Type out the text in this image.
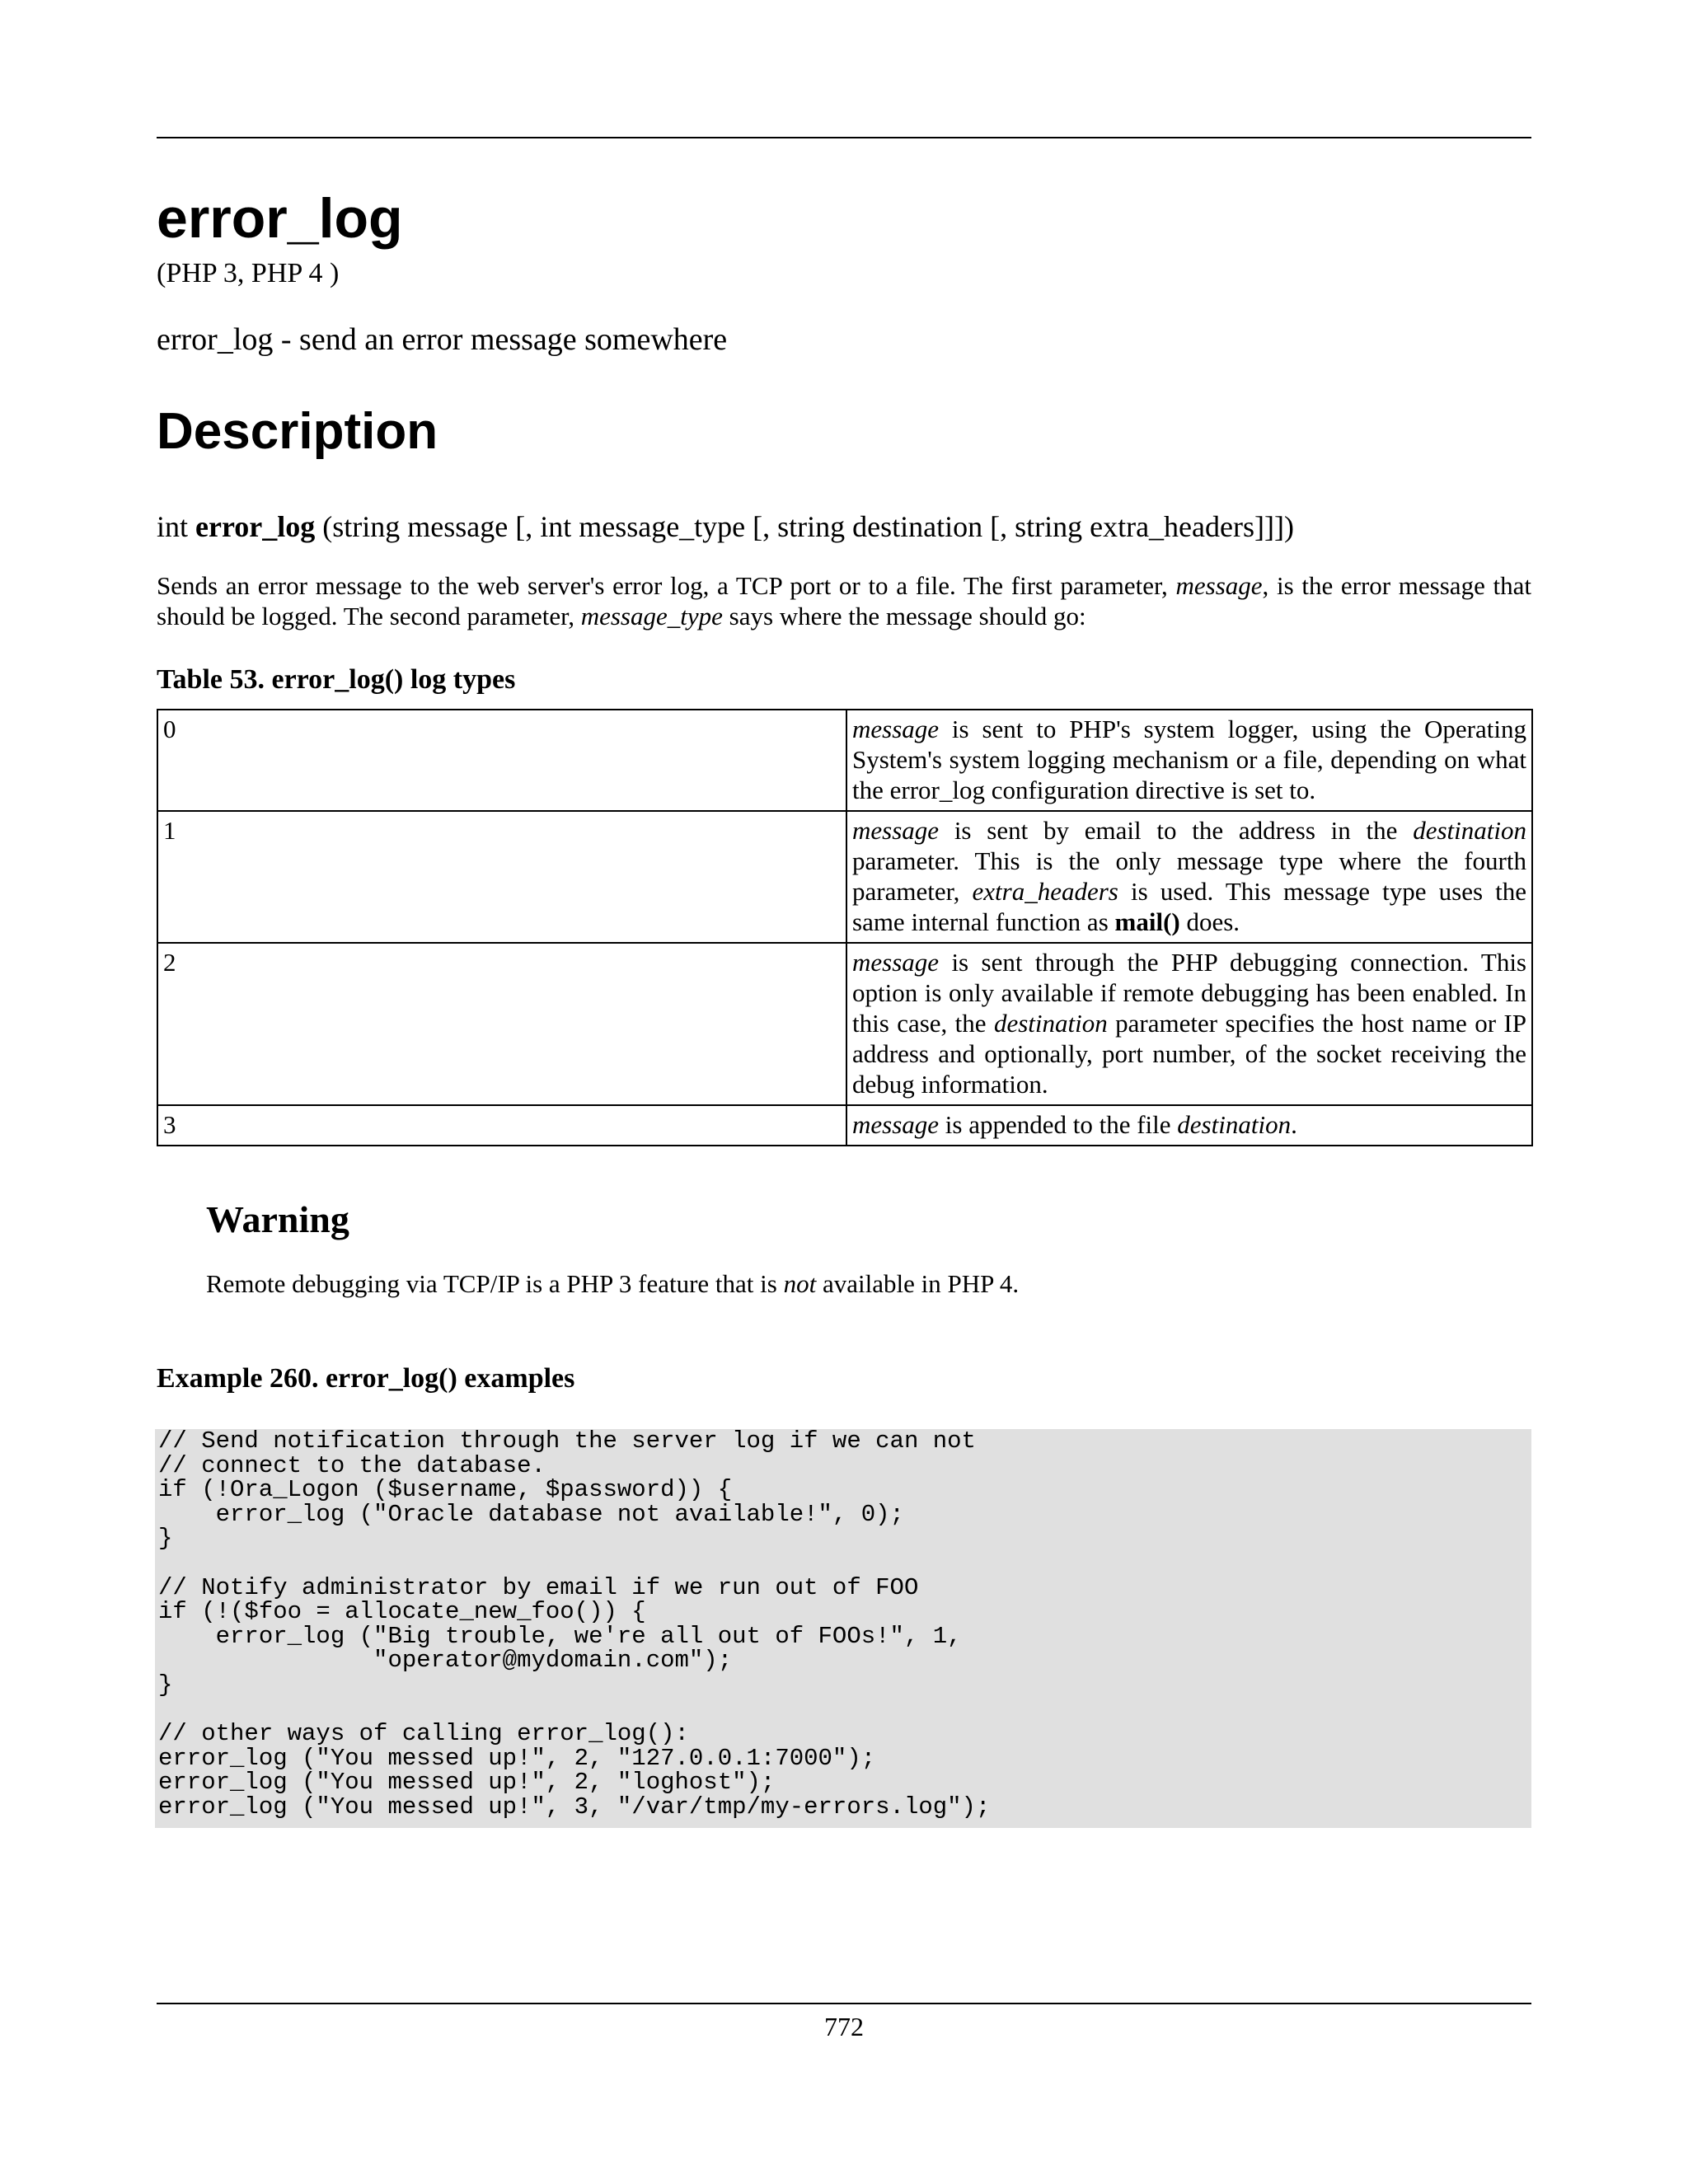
error_log
(PHP 3, PHP 4 )
error_log - send an error message somewhere
Description
int error_log (string message [, int message_type [, string destination [, string extra_headers]]])
Sends an error message to the web server's error log, a TCP port or to a file. The first parameter, message, is the error message that should be logged. The second parameter, message_type says where the message should go:
Table 53. error_log() log types
0	message is sent to PHP's system logger, using the Operating System's system logging mechanism or a file, depending on what the error_log configuration directive is set to.
1	message is sent by email to the address in the destination parameter. This is the only message type where the fourth parameter, extra_headers is used. This message type uses the same internal function as mail() does.
2	message is sent through the PHP debugging connection. This option is only available if remote debugging has been enabled. In this case, the destination parameter specifies the host name or IP address and optionally, port number, of the socket receiving the debug information.
3	message is appended to the file destination.
Warning
Remote debugging via TCP/IP is a PHP 3 feature that is not available in PHP 4.
Example 260. error_log() examples
// Send notification through the server log if we can not
// connect to the database.
if (!Ora_Logon ($username, $password)) {
error_log ("Oracle database not available!", 0);
}

// Notify administrator by email if we run out of FOO
if (!($foo = allocate_new_foo()) {
error_log ("Big trouble, we're all out of FOOs!", 1,
"operator@mydomain.com");
}

// other ways of calling error_log():
error_log ("You messed up!", 2, "127.0.0.1:7000");
error_log ("You messed up!", 2, "loghost");
error_log ("You messed up!", 3, "/var/tmp/my-errors.log");
772
